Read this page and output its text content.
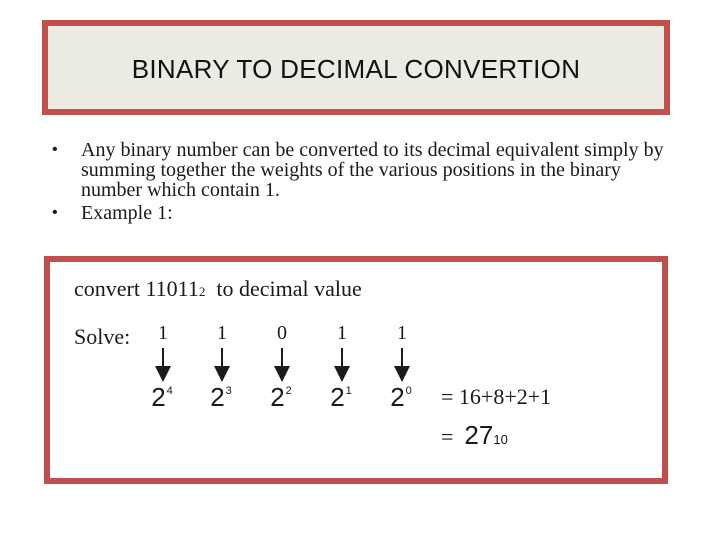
BINARY TO DECIMAL CONVERTION
•	Any binary number can be converted to its decimal equivalent simply by summing together the weights of the various positions in the binary number which contain 1.
•	Example 1:
convert 110112 to decimal value
Solve: 1 1	0	1	1
$2^4$ $2^3$ $2^2$ $2^1$ $2^0 = 16+8+2+1$
= 2710
